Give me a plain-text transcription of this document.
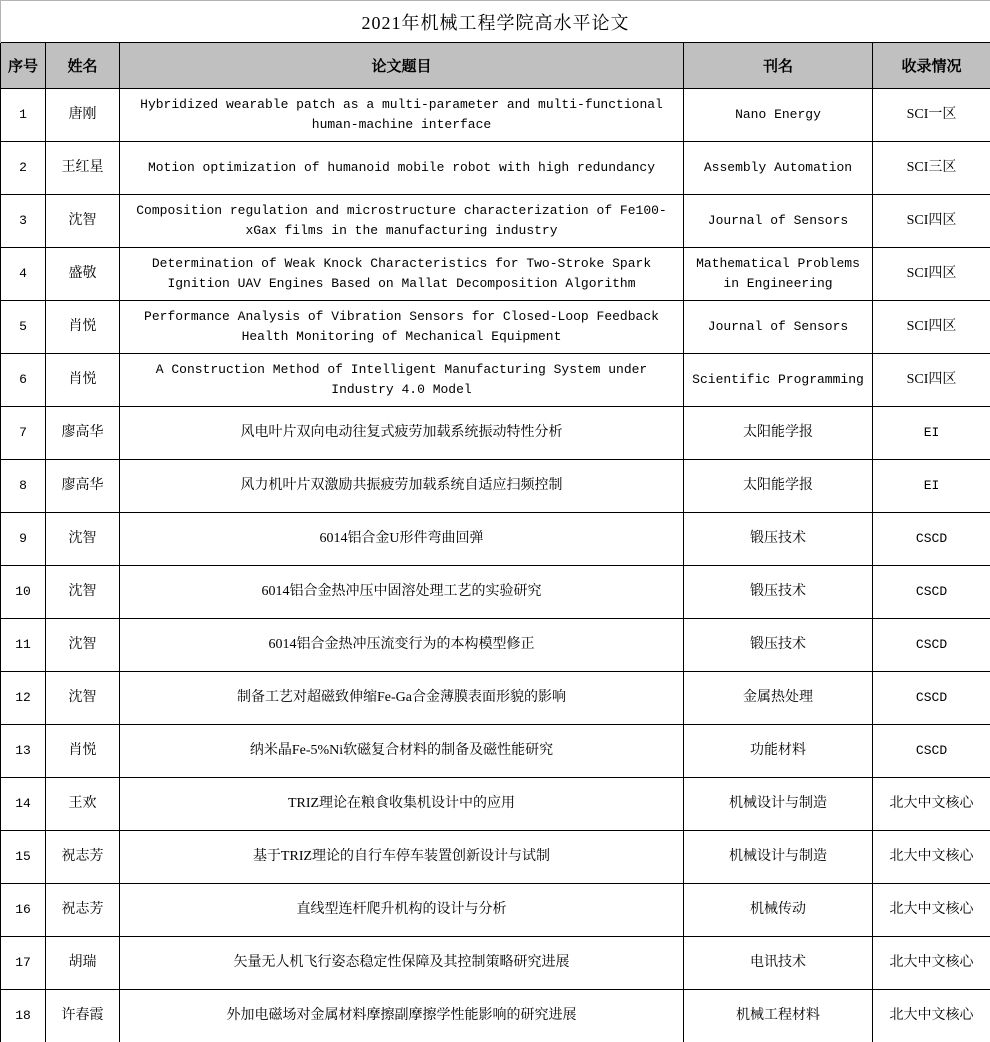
2021年机械工程学院高水平论文				
序号	姓名	论文题目	刊名	收录情况
1	唐刚	Hybridized wearable patch as a multi-parameter and multi-functional human-machine interface	Nano Energy	SCI一区
2	王红星	Motion optimization of humanoid mobile robot with high redundancy	Assembly Automation	SCI三区
3	沈智	Composition regulation and microstructure characterization of Fe100-xGax films in the manufacturing industry	Journal of Sensors	SCI四区
4	盛敬	Determination of Weak Knock Characteristics for Two-Stroke Spark Ignition UAV Engines Based on Mallat Decomposition Algorithm	Mathematical Problems in Engineering	SCI四区
5	肖悦	Performance Analysis of Vibration Sensors for Closed-Loop Feedback Health Monitoring of Mechanical Equipment	Journal of Sensors	SCI四区
6	肖悦	A Construction Method of Intelligent Manufacturing System under Industry 4.0 Model	Scientific Programming	SCI四区
7	廖高华	风电叶片双向电动往复式疲劳加载系统振动特性分析	太阳能学报	EI
8	廖高华	风力机叶片双激励共振疲劳加载系统自适应扫频控制	太阳能学报	EI
9	沈智	6014铝合金U形件弯曲回弹	锻压技术	CSCD
10	沈智	6014铝合金热冲压中固溶处理工艺的实验研究	锻压技术	CSCD
11	沈智	6014铝合金热冲压流变行为的本构模型修正	锻压技术	CSCD
12	沈智	制备工艺对超磁致伸缩Fe-Ga合金薄膜表面形貌的影响	金属热处理	CSCD
13	肖悦	纳米晶Fe-5%Ni软磁复合材料的制备及磁性能研究	功能材料	CSCD
14	王欢	TRIZ理论在粮食收集机设计中的应用	机械设计与制造	北大中文核心
15	祝志芳	基于TRIZ理论的自行车停车装置创新设计与试制	机械设计与制造	北大中文核心
16	祝志芳	直线型连杆爬升机构的设计与分析	机械传动	北大中文核心
17	胡瑞	矢量无人机飞行姿态稳定性保障及其控制策略研究进展	电讯技术	北大中文核心
18	许春霞	外加电磁场对金属材料摩擦副摩擦学性能影响的研究进展	机械工程材料	北大中文核心
